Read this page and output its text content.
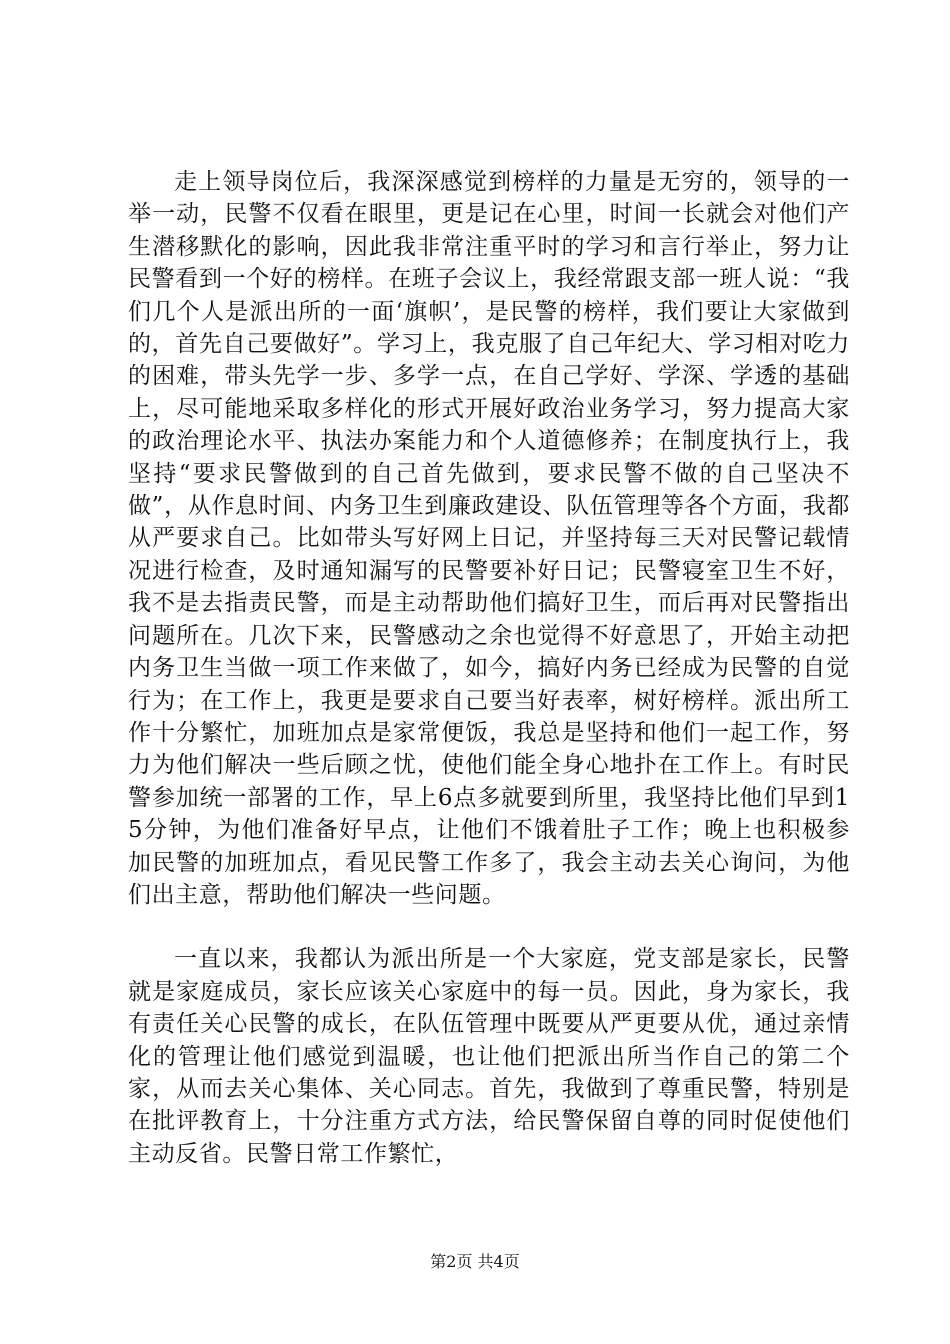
走上领导岗位后，我深深感觉到榜样的力量是无穷的，领导的一举一动，民警不仅看在眼里，更是记在心里，时间一长就会对他们产生潜移默化的影响，因此我非常注重平时的学习和言行举止，努力让民警看到一个好的榜样。在班子会议上，我经常跟支部一班人说：“我们几个人是派出所的一面‘旗帜’，是民警的榜样，我们要让大家做到的，首先自己要做好”。学习上，我克服了自己年纪大、学习相对吃力的困难，带头先学一步、多学一点，在自己学好、学深、学透的基础上，尽可能地采取多样化的形式开展好政治业务学习，努力提高大家的政治理论水平、执法办案能力和个人道德修养；在制度执行上，我坚持“要求民警做到的自己首先做到，要求民警不做的自己坚决不做”，从作息时间、内务卫生到廉政建设、队伍管理等各个方面，我都从严要求自己。比如带头写好网上日记，并坚持每三天对民警记载情况进行检查，及时通知漏写的民警要补好日记；民警寝室卫生不好，我不是去指责民警，而是主动帮助他们搞好卫生，而后再对民警指出问题所在。几次下来，民警感动之余也觉得不好意思了，开始主动把内务卫生当做一项工作来做了，如今，搞好内务已经成为民警的自觉行为；在工作上，我更是要求自己要当好表率，树好榜样。派出所工作十分繁忙，加班加点是家常便饭，我总是坚持和他们一起工作，努力为他们解决一些后顾之忧，使他们能全身心地扑在工作上。有时民警参加统一部署的工作，早上6点多就要到所里，我坚持比他们早到15分钟，为他们准备好早点，让他们不饿着肚子工作；晚上也积极参加民警的加班加点，看见民警工作多了，我会主动去关心询问，为他们出主意，帮助他们解决一些问题。

一直以来，我都认为派出所是一个大家庭，党支部是家长，民警就是家庭成员，家长应该关心家庭中的每一员。因此，身为家长，我有责任关心民警的成长，在队伍管理中既要从严更要从优，通过亲情化的管理让他们感觉到温暖，也让他们把派出所当作自己的第二个家，从而去关心集体、关心同志。首先，我做到了尊重民警，特别是在批评教育上，十分注重方式方法，给民警保留自尊的同时促使他们主动反省。民警日常工作繁忙，

第2页 共4页
